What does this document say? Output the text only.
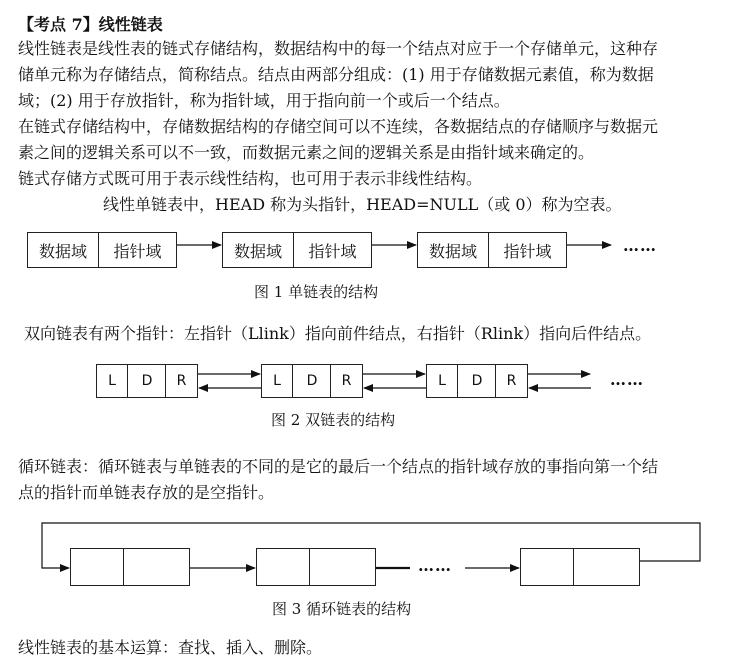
【考点 7】线性链表
线性链表是线性表的链式存储结构，数据结构中的每一个结点对应于一个存储单元，这种存
储单元称为存储结点，简称结点。结点由两部分组成：(1) 用于存储数据元素值，称为数据
域；(2) 用于存放指针，称为指针域，用于指向前一个或后一个结点。
在链式存储结构中，存储数据结构的存储空间可以不连续，各数据结点的存储顺序与数据元
素之间的逻辑关系可以不一致，而数据元素之间的逻辑关系是由指针域来确定的。
链式存储方式既可用于表示线性结构，也可用于表示非线性结构。
线性单链表中，HEAD 称为头指针，HEAD=NULL（或 0）称为空表。
数据域	指针域	数据域	指针域	数据域	指针域	……
图 1 单链表的结构
双向链表有两个指针：左指针（Llink）指向前件结点，右指针（Rlink）指向后件结点。
L	D	R	L	D	R	L	D	R	……
图 2 双链表的结构
循环链表：循环链表与单链表的不同的是它的最后一个结点的指针域存放的事指向第一个结
点的指针而单链表存放的是空指针。
……
图 3 循环链表的结构
线性链表的基本运算：查找、插入、删除。
